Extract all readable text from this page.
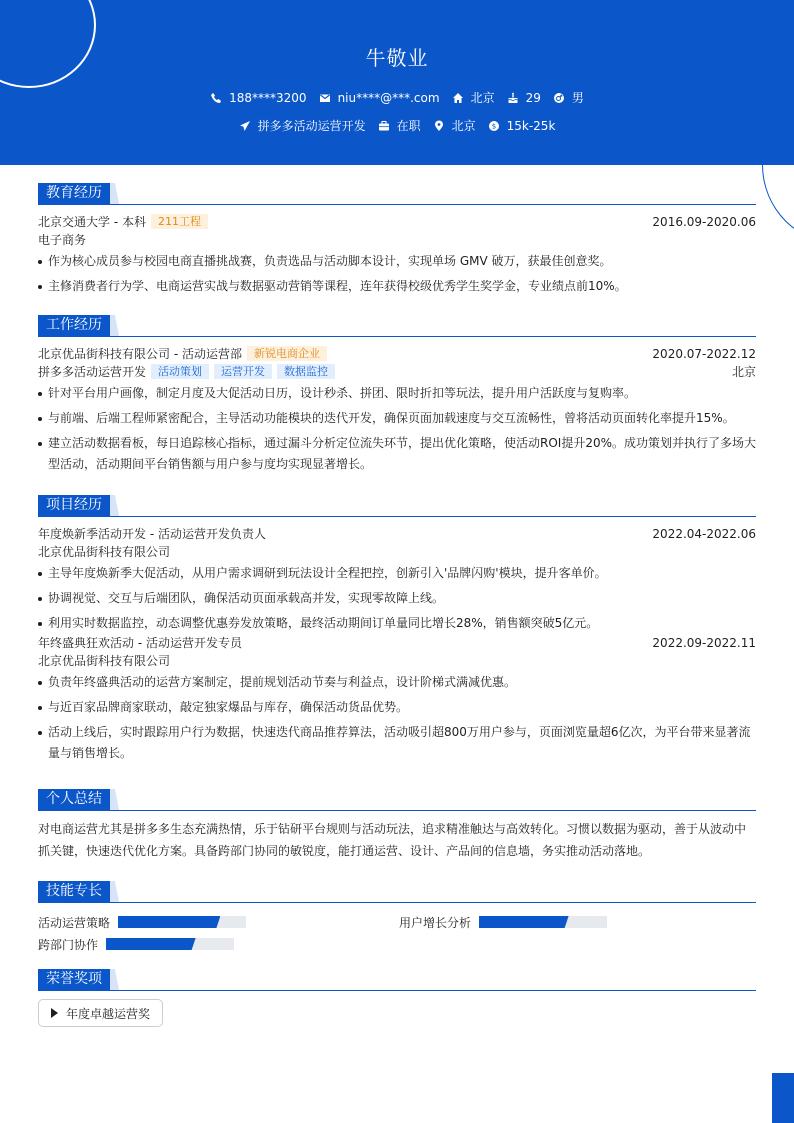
牛敬业
188****3200	niu****@***.com	北京	29	男
拼多多活动运营开发	在职	北京 $ 15k-25k
教育经历
北京交通大学 - 本科 211工程	2016.09-2020.06
电子商务
作为核心成员参与校园电商直播挑战赛，负责选品与活动脚本设计，实现单场 GMV 破万，获最佳创意奖。
主修消费者行为学、电商运营实战与数据驱动营销等课程，连年获得校级优秀学生奖学金，专业绩点前10%。
工作经历
北京优品街科技有限公司 - 活动运营部 新锐电商企业	2020.07-2022.12
拼多多活动运营开发 活动策划 运营开发 数据监控	北京
针对平台用户画像，制定月度及大促活动日历，设计秒杀、拼团、限时折扣等玩法，提升用户活跃度与复购率。
与前端、后端工程师紧密配合，主导活动功能模块的迭代开发，确保页面加载速度与交互流畅性，曾将活动页面转化率提升15%。
建立活动数据看板，每日追踪核心指标，通过漏斗分析定位流失环节，提出优化策略，使活动ROI提升20%。成功策划并执行了多场大型活动，活动期间平台销售额与用户参与度均实现显著增长。
项目经历
年度焕新季活动开发 - 活动运营开发负责人	2022.04-2022.06
北京优品街科技有限公司
主导年度焕新季大促活动，从用户需求调研到玩法设计全程把控，创新引入'品牌闪购'模块，提升客单价。
协调视觉、交互与后端团队，确保活动页面承载高并发，实现零故障上线。
利用实时数据监控，动态调整优惠券发放策略，最终活动期间订单量同比增长28%，销售额突破5亿元。
年终盛典狂欢活动 - 活动运营开发专员	2022.09-2022.11
北京优品街科技有限公司
负责年终盛典活动的运营方案制定，提前规划活动节奏与利益点，设计阶梯式满减优惠。
与近百家品牌商家联动，敲定独家爆品与库存，确保活动货品优势。
活动上线后，实时跟踪用户行为数据，快速迭代商品推荐算法，活动吸引超800万用户参与，页面浏览量超6亿次，为平台带来显著流量与销售增长。
个人总结
对电商运营尤其是拼多多生态充满热情，乐于钻研平台规则与活动玩法，追求精准触达与高效转化。习惯以数据为驱动，善于从波动中抓关键，快速迭代优化方案。具备跨部门协同的敏锐度，能打通运营、设计、产品间的信息墙，务实推动活动落地。
技能专长
活动运营策略	用户增长分析
跨部门协作
荣誉奖项
年度卓越运营奖
